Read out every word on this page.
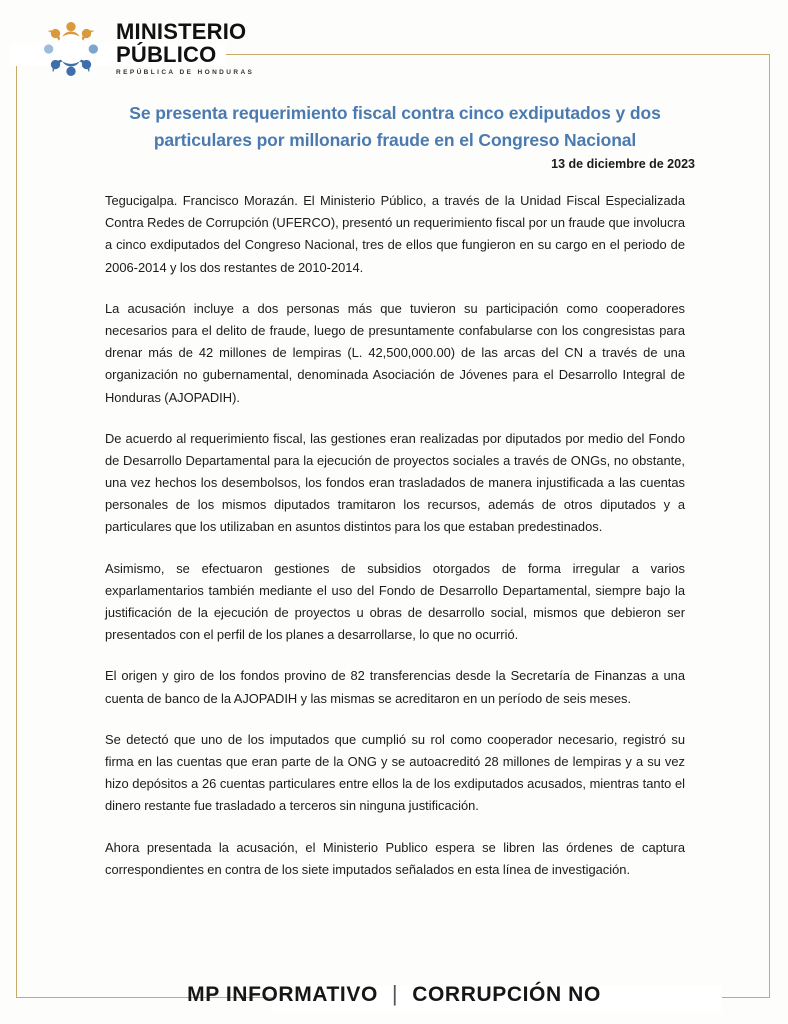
MINISTERIO
PÚBLICO
REPÚBLICA DE HONDURAS
Se presenta requerimiento fiscal contra cinco exdiputados y dos particulares por millonario fraude en el Congreso Nacional
13 de diciembre de 2023

Tegucigalpa. Francisco Morazán. El Ministerio Público, a través de la Unidad Fiscal Especializada Contra Redes de Corrupción (UFERCO), presentó un requerimiento fiscal por un fraude que involucra a cinco exdiputados del Congreso Nacional, tres de ellos que fungieron en su cargo en el periodo de 2006-2014 y los dos restantes de 2010-2014.

La acusación incluye a dos personas más que tuvieron su participación como cooperadores necesarios para el delito de fraude, luego de presuntamente confabularse con los congresistas para drenar más de 42 millones de lempiras (L. 42,500,000.00) de las arcas del CN a través de una organización no gubernamental, denominada Asociación de Jóvenes para el Desarrollo Integral de Honduras (AJOPADIH).

De acuerdo al requerimiento fiscal, las gestiones eran realizadas por diputados por medio del Fondo de Desarrollo Departamental para la ejecución de proyectos sociales a través de ONGs, no obstante, una vez hechos los desembolsos, los fondos eran trasladados de manera injustificada a las cuentas personales de los mismos diputados tramitaron los recursos, además de otros diputados y a particulares que los utilizaban en asuntos distintos para los que estaban predestinados.

Asimismo, se efectuaron gestiones de subsidios otorgados de forma irregular a varios exparlamentarios también mediante el uso del Fondo de Desarrollo Departamental, siempre bajo la justificación de la ejecución de proyectos u obras de desarrollo social, mismos que debieron ser presentados con el perfil de los planes a desarrollarse, lo que no ocurrió.

El origen y giro de los fondos provino de 82 transferencias desde la Secretaría de Finanzas a una cuenta de banco de la AJOPADIH y las mismas se acreditaron en un período de seis meses.

Se detectó que uno de los imputados que cumplió su rol como cooperador necesario, registró su firma en las cuentas que eran parte de la ONG y se autoacreditó 28 millones de lempiras y a su vez hizo depósitos a 26 cuentas particulares entre ellos la de los exdiputados acusados, mientras tanto el dinero restante fue trasladado a terceros sin ninguna justificación.

Ahora presentada la acusación, el Ministerio Publico espera se libren las órdenes de captura correspondientes en contra de los siete imputados señalados en esta línea de investigación.

MP INFORMATIVO | CORRUPCIÓN NO
